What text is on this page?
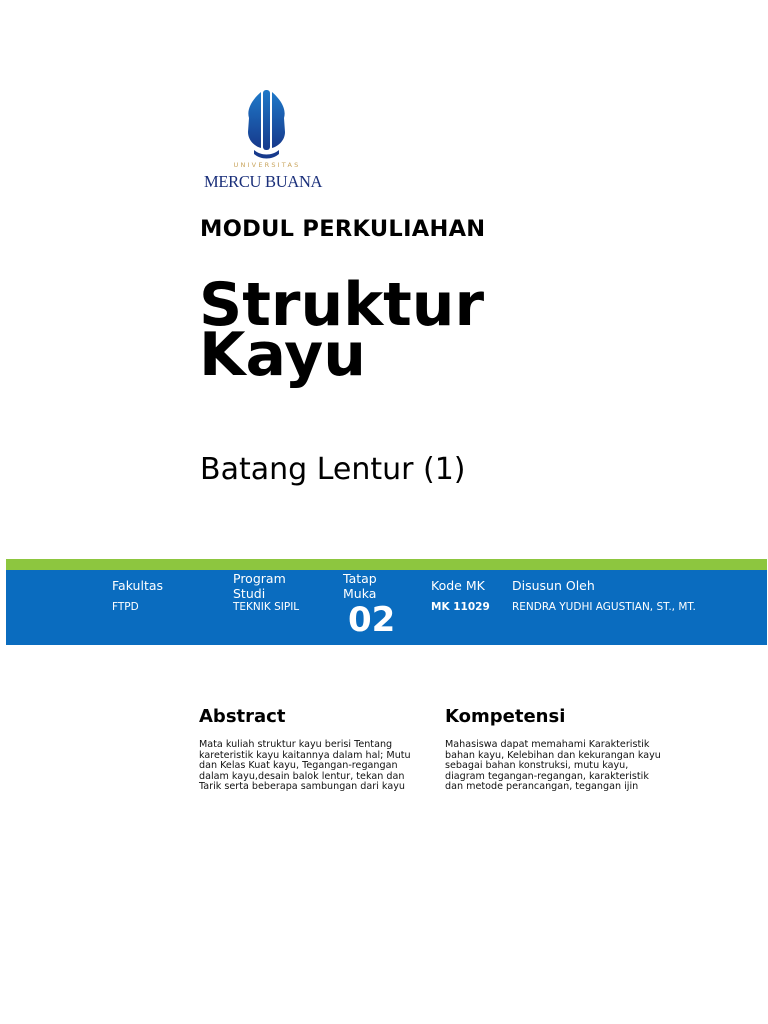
UNIVERSITAS
MERCU BUANA
MODUL PERKULIAHAN
Struktur Kayu
Batang Lentur (1)
Fakultas
FTPD
Program Studi
TEKNIK SIPIL
Tatap Muka
02
Kode MK
MK 11029
Disusun Oleh
RENDRA YUDHI AGUSTIAN, ST., MT.
Abstract
Mata kuliah struktur kayu berisi Tentang kareteristik kayu kaitannya dalam hal; Mutu dan Kelas Kuat kayu, Tegangan-regangan dalam kayu,desain balok lentur, tekan dan Tarik serta beberapa sambungan dari kayu
Kompetensi
Mahasiswa dapat memahami Karakteristik bahan kayu, Kelebihan dan kekurangan kayu sebagai bahan konstruksi, mutu kayu, diagram tegangan-regangan, karakteristik dan metode perancangan, tegangan ijin
